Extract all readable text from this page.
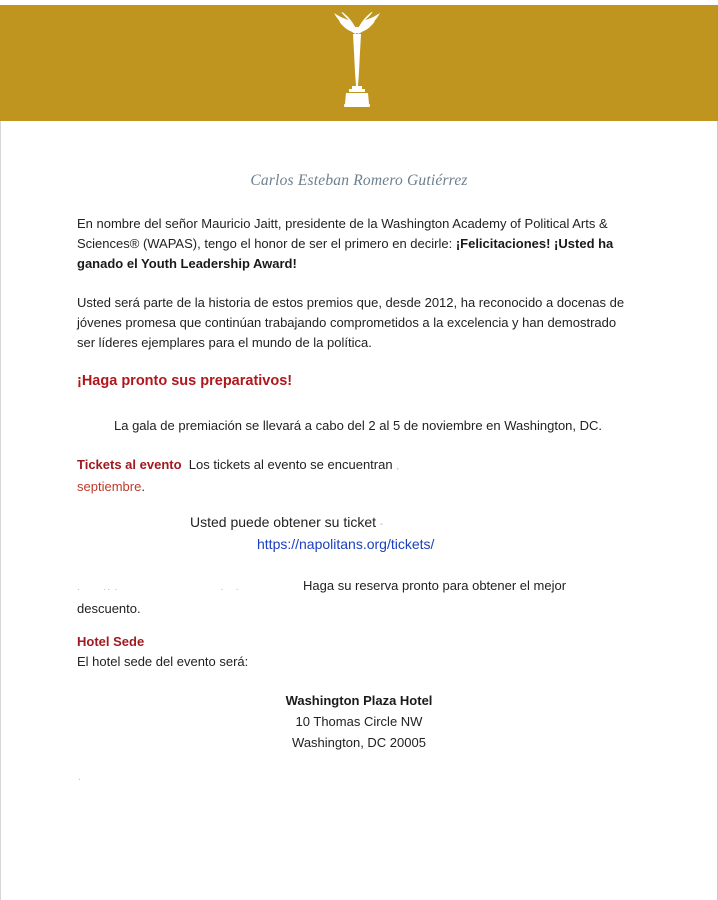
Carlos Esteban Romero Gutiérrez
En nombre del señor Mauricio Jaitt, presidente de la Washington Academy of Political Arts & Sciences® (WAPAS), tengo el honor de ser el primero en decirle: ¡Felicitaciones! ¡Usted ha ganado el Youth Leadership Award!
Usted será parte de la historia de estos premios que, desde 2012, ha reconocido a docenas de jóvenes promesa que continúan trabajando comprometidos a la excelencia y han demostrado ser líderes ejemplares para el mundo de la política.
¡Haga pronto sus preparativos!
La gala de premiación se llevará a cabo del 2 al 5 de noviembre en Washington, DC.
Tickets al evento Los tickets al evento se encuentran ,
septiembre.
Usted puede obtener su ticket -
https://napolitans.org/tickets/
.      .. .                           .   .	Haga su reserva pronto para obtener el mejor
descuento.
Hotel Sede
El hotel sede del evento será:
Washington Plaza Hotel
10 Thomas Circle NW
Washington, DC 20005
.
